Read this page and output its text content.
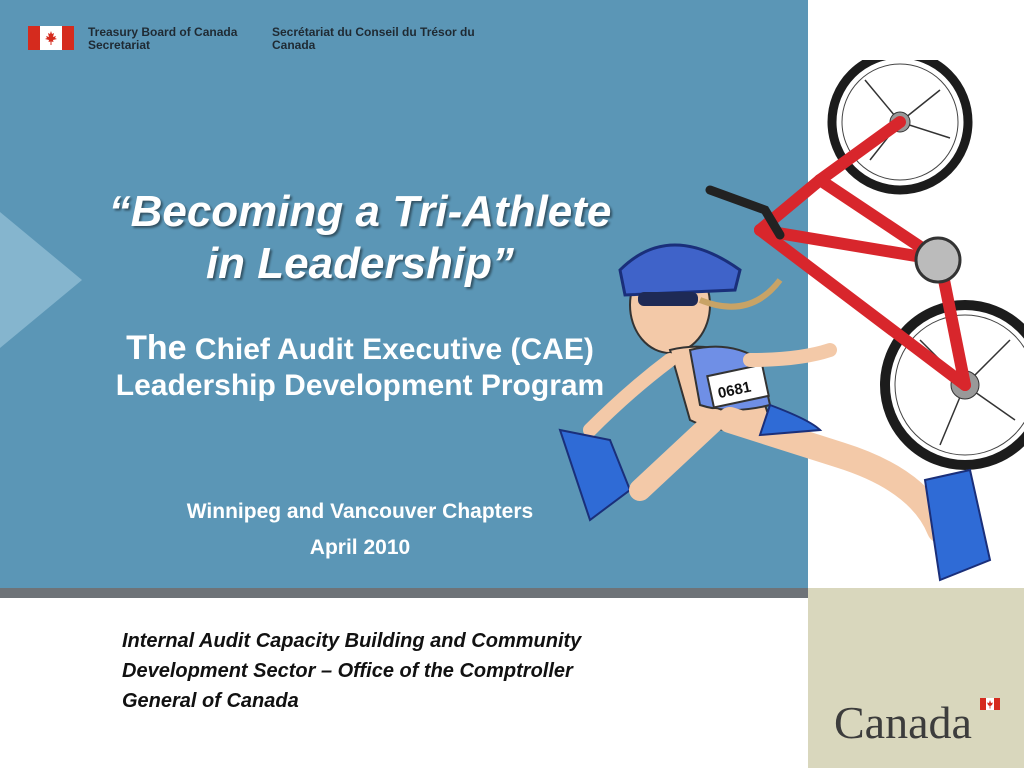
Treasury Board of Canada Secretariat
Secrétariat du Conseil du Trésor du Canada
“Becoming a Tri-Athlete
in Leadership”
The Chief Audit Executive (CAE)
Leadership Development Program
Winnipeg and Vancouver Chapters
April 2010
Internal Audit Capacity Building and Community
Development Sector – Office of the Comptroller
General of Canada
0681
Canada
